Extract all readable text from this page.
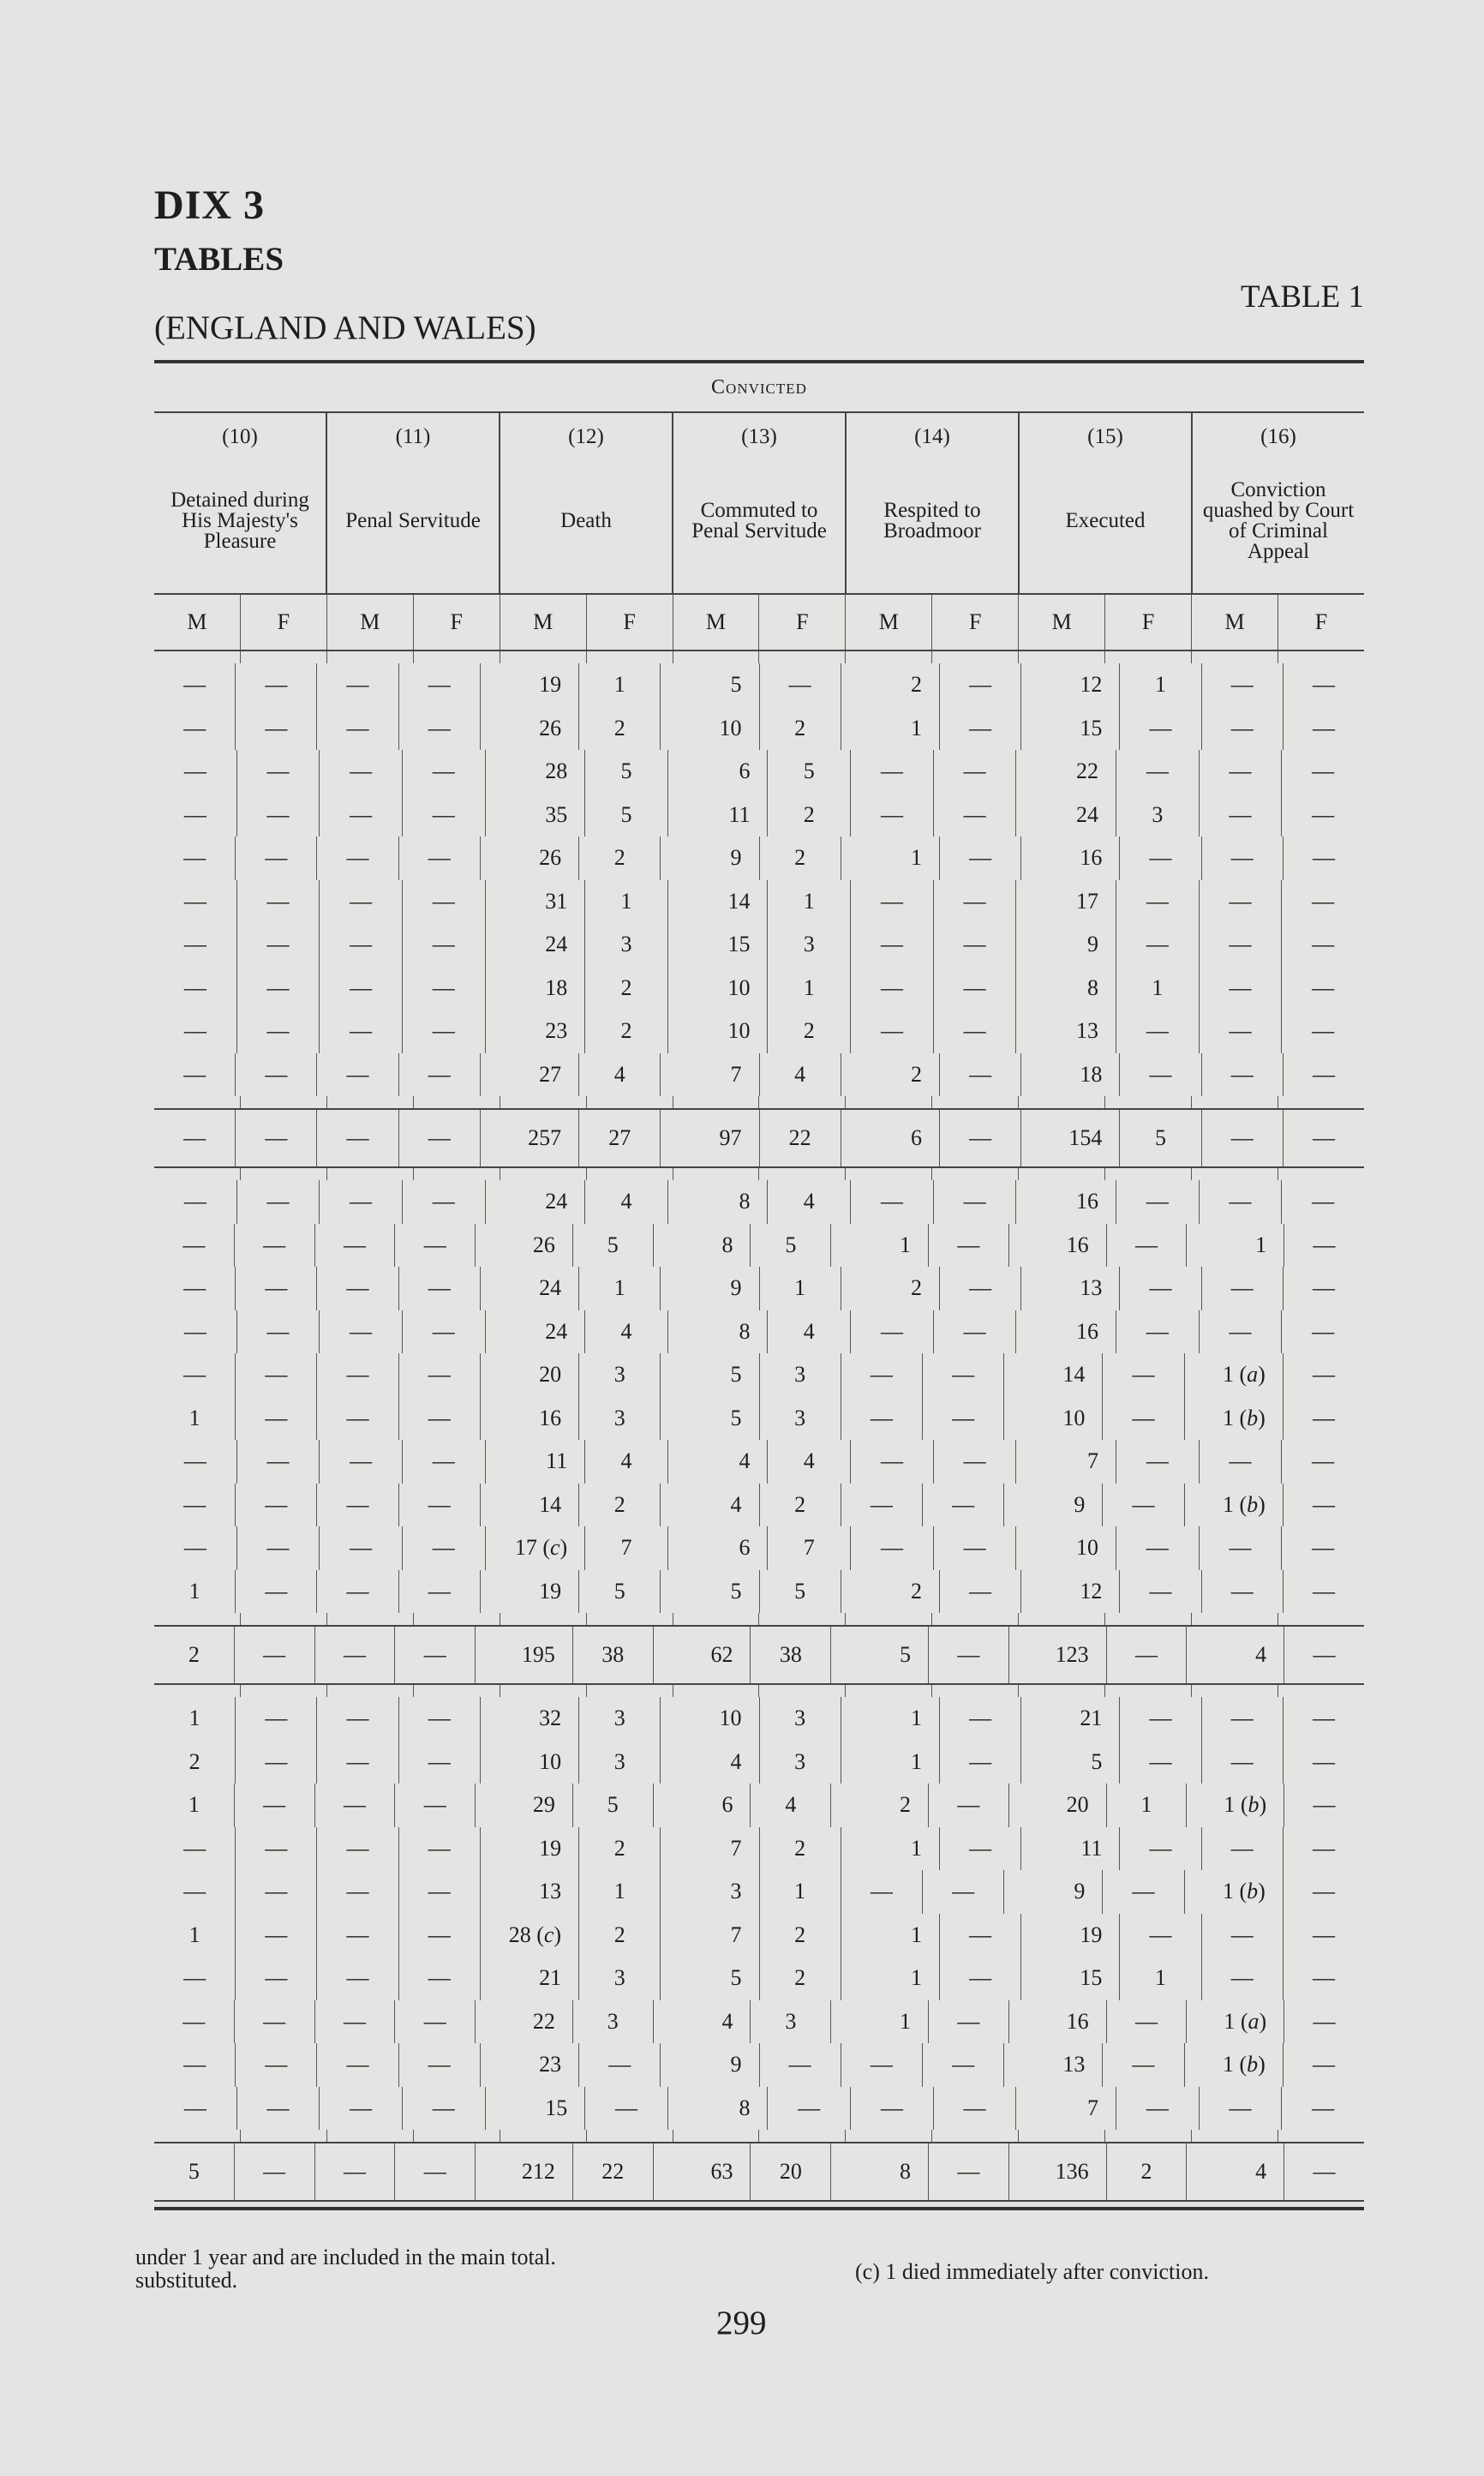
DIX 3
TABLES
(ENGLAND AND WALES)
TABLE 1
Convicted
(10)
Detained during His Majesty's Pleasure
(11)
Penal Servitude
(12)
Death
(13)
Commuted to Penal Servitude
(14)
Respited to Broadmoor
(15)
Executed
(16)
Conviction quashed by Court of Criminal Appeal
M	F	M	F	M	F	M	F	M	F	M	F	M	F
—	—	—	—	19	1	5	—	2	—	12	1	—	—
—	—	—	—	26	2	10	2	1	—	15	—	—	—
—	—	—	—	28	5	6	5	—	—	22	—	—	—
—	—	—	—	35	5	11	2	—	—	24	3	—	—
—	—	—	—	26	2	9	2	1	—	16	—	—	—
—	—	—	—	31	1	14	1	—	—	17	—	—	—
—	—	—	—	24	3	15	3	—	—	9	—	—	—
—	—	—	—	18	2	10	1	—	—	8	1	—	—
—	—	—	—	23	2	10	2	—	—	13	—	—	—
—	—	—	—	27	4	7	4	2	—	18	—	—	—
—	—	—	—	257	27	97	22	6	—	154	5	—	—
—	—	—	—	24	4	8	4	—	—	16	—	—	—
—	—	—	—	26	5	8	5	1	—	16	—	1	—
—	—	—	—	24	1	9	1	2	—	13	—	—	—
—	—	—	—	24	4	8	4	—	—	16	—	—	—
—	—	—	—	20	3	5	3	—	—	14	—	1 ( a )	—
1	—	—	—	16	3	5	3	—	—	10	—	1 ( b )	—
—	—	—	—	11	4	4	4	—	—	7	—	—	—
—	—	—	—	14	2	4	2	—	—	9	—	1 ( b )	—
—	—	—	—	17 ( c )	7	6	7	—	—	10	—	—	—
1	—	—	—	19	5	5	5	2	—	12	—	—	—
2	—	—	—	195	38	62	38	5	—	123	—	4	—
1	—	—	—	32	3	10	3	1	—	21	—	—	—
2	—	—	—	10	3	4	3	1	—	5	—	—	—
1	—	—	—	29	5	6	4	2	—	20	1	1 ( b )	—
—	—	—	—	19	2	7	2	1	—	11	—	—	—
—	—	—	—	13	1	3	1	—	—	9	—	1 ( b )	—
1	—	—	—	28 ( c )	2	7	2	1	—	19	—	—	—
—	—	—	—	21	3	5	2	1	—	15	1	—	—
—	—	—	—	22	3	4	3	1	—	16	—	1 ( a )	—
—	—	—	—	23	—	9	—	—	—	13	—	1 ( b )	—
—	—	—	—	15	—	8	—	—	—	7	—	—	—
5	—	—	—	212	22	63	20	8	—	136	2	4	—
under 1 year and are included in the main total.
substituted.	(c) 1 died immediately after conviction.
299
